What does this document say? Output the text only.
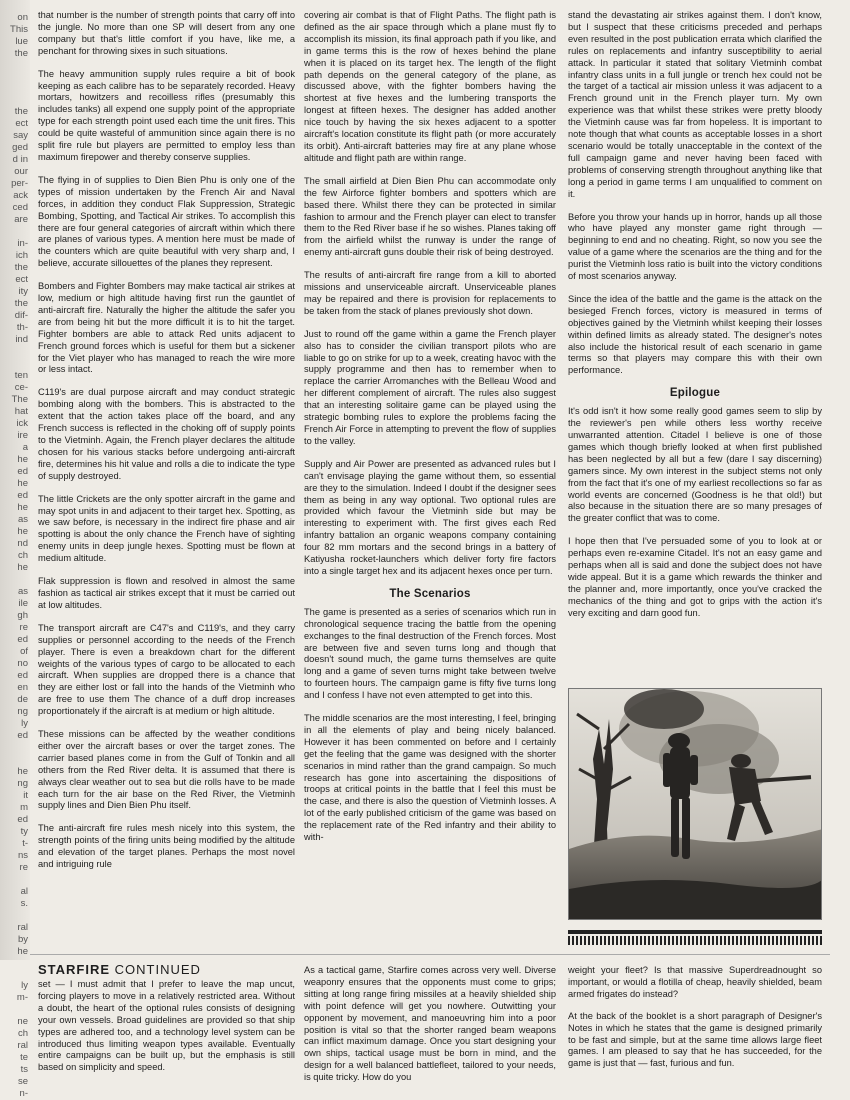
on
This
lue
the
the
ect
say
ged
d in
our
per-
ack
ced
are
in-
ich
the
ect
ity
the
dif-
th-
ind
ten
ce-
The
hat
ick
ire
a
he
ed
he
ed
he
as
he
nd
ch
he
as
ile
gh
re
ed
of
no
ed
en
de
ng
ly
ed
he
ng
it
m
ed
ty
t-
ns
re
al
s.
ral
by
he
ly
m-
ne
ch
ral
te
ts
se
n-

that number is the number of strength points that carry off into the jungle. No more than one SP will desert from any one company but that's little comfort if you have, like me, a penchant for throwing sixes in such situations.

The heavy ammunition supply rules require a bit of book keeping as each calibre has to be separately recorded. Heavy mortars, howitzers and recoilless rifles (presumably this includes tanks) all expend one supply point of the appropriate type for each strength point used each time the unit fires. This could be quite wasteful of ammunition since again there is no split fire rule but players are permitted to employ less than maximum firepower and thereby conserve supplies.

The flying in of supplies to Dien Bien Phu is only one of the types of mission undertaken by the French Air and Naval forces, in addition they conduct Flak Suppression, Strategic Bombing, Spotting, and Tactical Air strikes. To accomplish this there are four general categories of aircraft within which there are planes of various types. A mention here must be made of the counters which are quite beautiful with very sharp and, I believe, accurate sillouettes of the planes they represent.

Bombers and Fighter Bombers may make tactical air strikes at low, medium or high altitude having first run the gauntlet of anti-aircraft fire. Naturally the higher the altitude the safer you are from being hit but the more difficult it is to hit the target. Fighter bombers are able to attack Red units adjacent to French ground forces which is useful for them but a sickener for the Viet player who has managed to reach the wire more or less intact.

C119's are dual purpose aircraft and may conduct strategic bombing along with the bombers. This is abstracted to the extent that the action takes place off the board, and any French success is reflected in the choking off of supply points to the Vietminh. Again, the French player declares the altitude chosen for his various stacks before undergoing anti-aircraft fire, determines his hit value and rolls a die to indicate the type of supply destroyed.

The little Crickets are the only spotter aircraft in the game and may spot units in and adjacent to their target hex. Spotting, as we saw before, is necessary in the indirect fire phase and air spotting is about the only chance the French have of sighting enemy units in deep jungle hexes. Spotting must be flown at medium altitude.

Flak suppression is flown and resolved in almost the same fashion as tactical air strikes except that it must be carried out at low altitudes.

The transport aircraft are C47's and C119's, and they carry supplies or personnel according to the needs of the French player. There is even a breakdown chart for the different weights of the various types of cargo to be allocated to each aircraft. When supplies are dropped there is a chance that they are either lost or fall into the hands of the Vietminh who are free to use them The chance of a duff drop increases proportionately if the aircraft is at medium or high altitude.

These missions can be affected by the weather conditions either over the aircraft bases or over the target zones. The carrier based planes come in from the Gulf of Tonkin and all others from the Red River delta. It is assumed that there is always clear weather out to sea but die rolls have to be made each turn for the air base on the Red River, the Vietminh supply lines and Dien Bien Phu itself.

The anti-aircraft fire rules mesh nicely into this system, the strength points of the firing units being modified by the altitude and elevation of the target planes. Perhaps the most novel and intriguing rule

covering air combat is that of Flight Paths. The flight path is defined as the air space through which a plane must fly to accomplish its mission, its final approach path if you like, and in game terms this is the row of hexes behind the plane when it is placed on its target hex. The length of the flight path depends on the general category of the plane, as discussed above, with the fighter bombers having the shortest at five hexes and the lumbering transports the longest at fifteen hexes. The designer has added another nice touch by having the six hexes adjacent to a spotter aircraft's location constitute its flight path (or more accurately its orbit). Anti-aircraft batteries may fire at any plane whose altitude and flight path are within range.

The small airfield at Dien Bien Phu can accommodate only the few Airforce fighter bombers and spotters which are based there. Whilst there they can be protected in similar fashion to armour and the French player can elect to transfer them to the Red River base if he so wishes. Planes taking off from the airfield whilst the runway is under the range of enemy anti-aircraft guns double their risk of being destroyed.

The results of anti-aircraft fire range from a kill to aborted missions and unserviceable aircraft. Unserviceable planes may be repaired and there is provision for replacements to be taken from the stack of planes previously shot down.

Just to round off the game within a game the French player also has to consider the civilian transport pilots who are liable to go on strike for up to a week, creating havoc with the supply programme and then has to remember when to replace the carrier Arromanches with the Belleau Wood and her different complement of aircraft. The rules also suggest that an interesting solitaire game can be played using the strategic bombing rules to explore the problems facing the French Air Force in attempting to prevent the flow of supplies to the valley.

Supply and Air Power are presented as advanced rules but I can't envisage playing the game without them, so essential are they to the simulation. Indeed I doubt if the designer sees them as being in any way optional. Two optional rules are provided which favour the Vietminh side but may be interesting to experiment with. The first gives each Red infantry battalion an organic weapons company containing four 82 mm mortars and the second brings in a battery of Katiyusha rocket-launchers which deliver forty fire factors into a single target hex and its adjacent hexes once per turn.

The Scenarios

The game is presented as a series of scenarios which run in chronological sequence tracing the battle from the opening exchanges to the final destruction of the French forces. Most are between five and seven turns long and though that doesn't sound much, the game turns themselves are quite long and a game of seven turns might take between twelve to fourteen hours. The campaign game is fifty five turns long and I confess I have not even attempted to get into this.

The middle scenarios are the most interesting, I feel, bringing in all the elements of play and being nicely balanced. However it has been commented on before and I certainly get the feeling that the game was designed with the shorter scenarios in mind rather than the grand campaign. So much research has gone into ascertaining the dispositions of troops at critical points in the battle that I feel this must be the case, and there is also the question of Vietminh losses. A lot of the early published criticism of the game was based on the replacement rate of the Red infantry and their ability to with-

stand the devastating air strikes against them. I don't know, but I suspect that these criticisms preceded and perhaps even resulted in the post publication errata which clarified the rules on replacements and infantry susceptibility to aerial attack. In particular it stated that solitary Vietminh combat infantry class units in a full jungle or trench hex could not be the target of a tactical air mission unless it was adjacent to a French ground unit in the French player turn. My own experience was that whilst these strikes were pretty bloody the Vietminh cause was far from hopeless. It is important to note though that what counts as acceptable losses in a short scenario would be totally unacceptable in the context of the full campaign game and never having been faced with problems of conserving strength throughout anything like that long a period in game terms I am unqualified to comment on it.

Before you throw your hands up in horror, hands up all those who have played any monster game right through — beginning to end and no cheating. Right, so now you see the value of a game where the scenarios are the thing and for the purist the Vietminh loss ratio is built into the victory conditions of most scenarios anyway.

Since the idea of the battle and the game is the attack on the besieged French forces, victory is measured in terms of objectives gained by the Vietminh whilst keeping their losses within defined limits as already stated. The designer's notes also include the historical result of each scenario in game terms so that players may compare this with their own performance.

Epilogue

It's odd isn't it how some really good games seem to slip by the reviewer's pen while others less worthy receive unwarranted attention. Citadel I believe is one of those games which though briefly looked at when first published has been neglected by all but a few (dare I say discerning) gamers since. My own interest in the subject stems not only from the fact that it's one of my earliest recollections so far as world events are concerned (Goodness is he that old!) but also because in the situation there are so many presages of the greater conflict that was to come.

I hope then that I've persuaded some of you to look at or perhaps even re-examine Citadel. It's not an easy game and perhaps when all is said and done the subject does not have wide appeal. But it is a game which rewards the thinker and the planner and, more importantly, once you've cracked the mechanics of the thing and got to grips with the action it's very exciting and darn good fun.

STARFIRE CONTINUED

set — I must admit that I prefer to leave the map uncut, forcing players to move in a relatively restricted area. Without a doubt, the heart of the optional rules consists of designing your own vessels. Broad guidelines are provided so that ship types are adhered too, and a technology level system can be introduced thus limiting weapon types available. Eventually entire campaigns can be built up, but the emphasis is still based on simplicity and speed.

As a tactical game, Starfire comes across very well. Diverse weaponry ensures that the opponents must come to grips; sitting at long range firing missiles at a heavily shielded ship with point defence will get you nowhere. Outwitting your opponent by movement, and manoeuvring him into a poor position is vital so that the shorter ranged beam weapons can inflict maximum damage. Once you start designing your own ships, tactical usage must be born in mind, and the design for a well balanced battlefleet, tailored to your needs, is quite tricky. How do you

weight your fleet? Is that massive Superdreadnought so important, or would a flotilla of cheap, heavily shielded, beam armed frigates do instead?

At the back of the booklet is a short paragraph of Designer's Notes in which he states that the game is designed primarily to be fast and simple, but at the same time allows large fleet games. I am pleased to say that he has succeeded, for the game is just that — fast, furious and fun.
